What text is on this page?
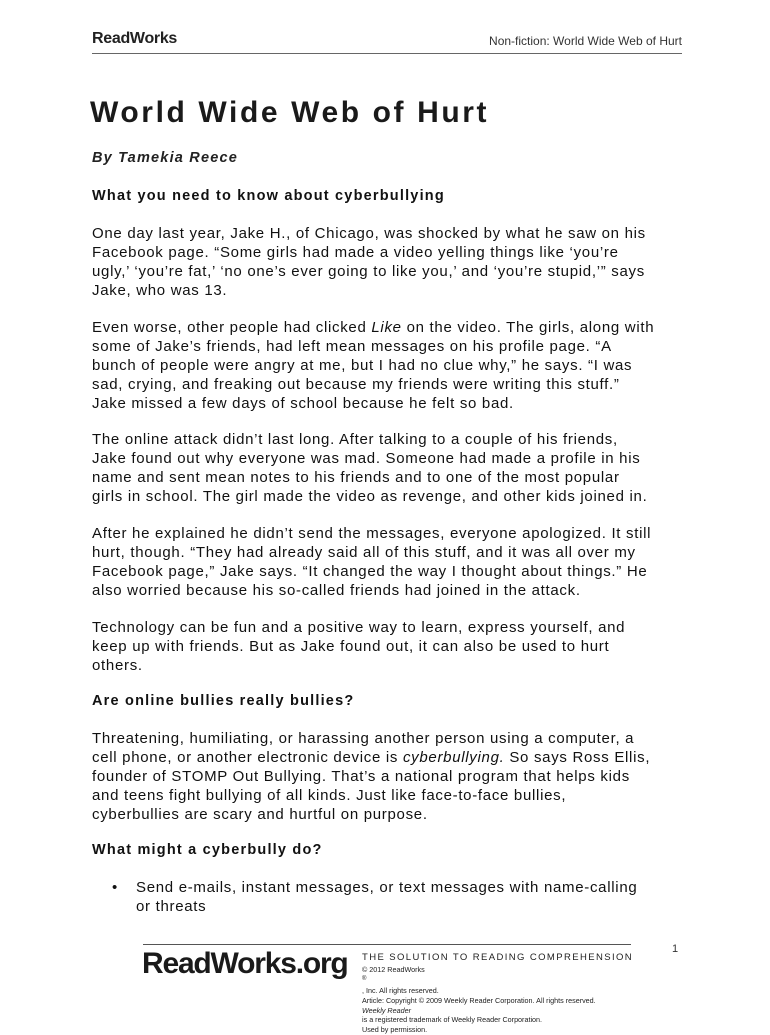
ReadWorks	Non-fiction: World Wide Web of Hurt
World Wide Web of Hurt

By Tamekia Reece

What you need to know about cyberbullying

One day last year, Jake H., of Chicago, was shocked by what he saw on his
Facebook page. “Some girls had made a video yelling things like ‘you’re
ugly,’ ‘you’re fat,’ ‘no one’s ever going to like you,’ and ‘you’re stupid,’” says
Jake, who was 13.

Even worse, other people had clicked Like on the video. The girls, along with
some of Jake’s friends, had left mean messages on his profile page. “A
bunch of people were angry at me, but I had no clue why,” he says. “I was
sad, crying, and freaking out because my friends were writing this stuff.”
Jake missed a few days of school because he felt so bad.

The online attack didn’t last long. After talking to a couple of his friends,
Jake found out why everyone was mad. Someone had made a profile in his
name and sent mean notes to his friends and to one of the most popular
girls in school. The girl made the video as revenge, and other kids joined in.

After he explained he didn’t send the messages, everyone apologized. It still
hurt, though. “They had already said all of this stuff, and it was all over my
Facebook page,” Jake says. “It changed the way I thought about things.” He
also worried because his so-called friends had joined in the attack.

Technology can be fun and a positive way to learn, express yourself, and
keep up with friends. But as Jake found out, it can also be used to hurt
others.

Are online bullies really bullies?

Threatening, humiliating, or harassing another person using a computer, a
cell phone, or another electronic device is cyberbullying. So says Ross Ellis,
founder of STOMP Out Bullying. That’s a national program that helps kids
and teens fight bullying of all kinds. Just like face-to-face bullies,
cyberbullies are scary and hurtful on purpose.

What might a cyberbully do?
• Send e-mails, instant messages, or text messages with name-calling
or threats

1
ReadWorks.org THE SOLUTION TO READING COMPREHENSION
© 2012 ReadWorks
®
, Inc. All rights reserved.
Article: Copyright © 2009 Weekly Reader Corporation. All rights reserved.
Weekly Reader
is a registered trademark of Weekly Reader Corporation.
Used by permission.
